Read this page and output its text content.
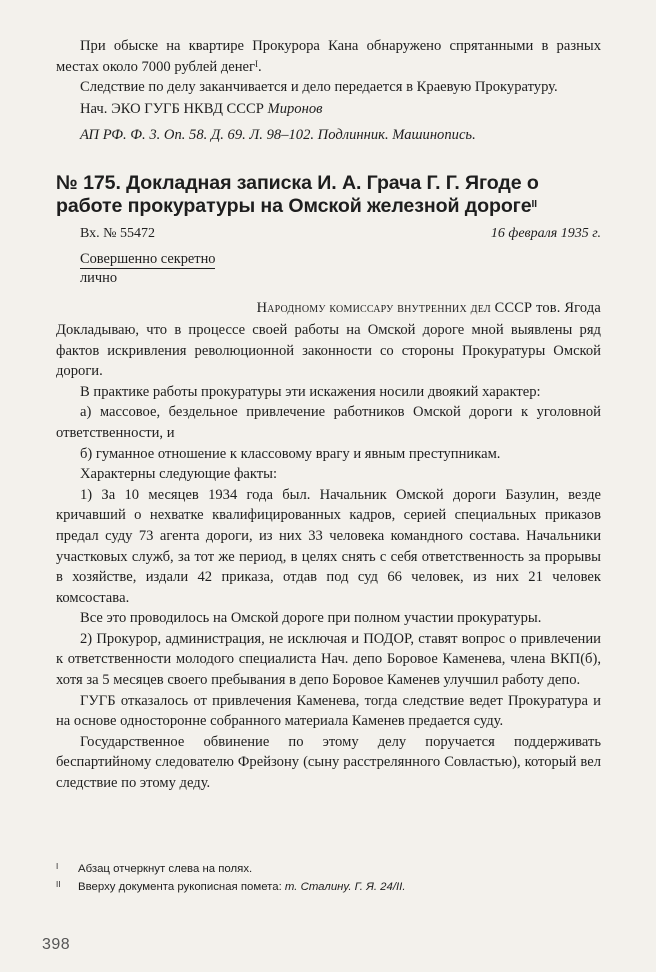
При обыске на квартире Прокурора Кана обнаружено спрятанными в разных местах около 7000 рублей денег$^I$.

Следствие по делу заканчивается и дело передается в Краевую Прокуратуру.

Нач. ЭКО ГУГБ НКВД СССР Миронов

АП РФ. Ф. 3. Оп. 58. Д. 69. Л. 98–102. Подлинник. Машинопись.

№ 175. Докладная записка И. А. Грача Г. Г. Ягоде о работе прокуратуры на Омской железной дороге$^{II}$
Вх. № 55472	16 февраля 1935 г.
Совершенно секретно
лично
Народному комиссару внутренних дел СССР тов. Ягода

Докладываю, что в процессе своей работы на Омской дороге мной выявлены ряд фактов искривления революционной законности со стороны Прокуратуры Омской дороги.

В практике работы прокуратуры эти искажения носили двоякий характер:

а) массовое, бездельное привлечение работников Омской дороги к уголовной ответственности, и

б) гуманное отношение к классовому врагу и явным преступникам.

Характерны следующие факты:

1) За 10 месяцев 1934 года был. Начальник Омской дороги Базулин, везде кричавший о нехватке квалифицированных кадров, серией специальных приказов предал суду 73 агента дороги, из них 33 человека командного состава. Начальники участковых служб, за тот же период, в целях снять с себя ответственность за прорывы в хозяйстве, издали 42 приказа, отдав под суд 66 человек, из них 21 человек комсоставa.

Все это проводилось на Омской дороге при полном участии прокуратуры.

2) Прокурор, администрация, не исключая и ПОДОР, ставят вопрос о привлечении к ответственности молодого специалиста Нач. депо Боровое Каменева, члена ВКП(б), хотя за 5 месяцев своего пребывания в депо Боровое Каменев улучшил работу депо.

ГУГБ отказалось от привлечения Каменева, тогда следствие ведет Прокуратура и на основе односторонне собранного материала Каменев предается суду.

Государственное обвинение по этому делу поручается поддерживать беспартийному следователю Фрейзону (сыну расстрелянного Совластью), который вел следствие по этому деду.

I	Абзац отчеркнут слева на полях.
II	Вверху документа рукописная помета: т. Сталину. Г. Я. 24/II.
398
